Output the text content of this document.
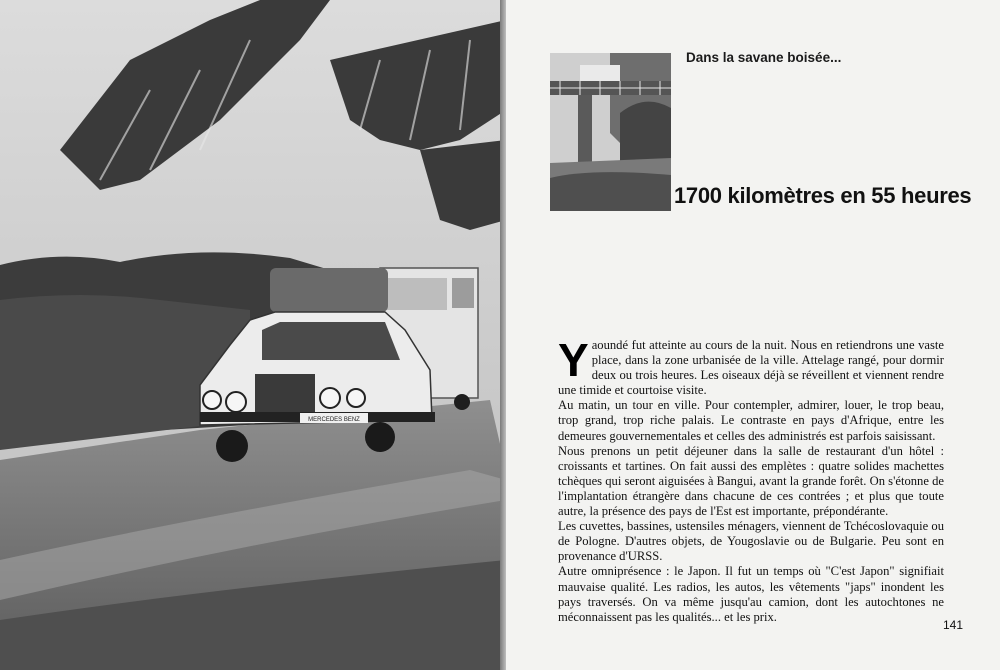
MERCEDES BENZ

Dans la savane boisée...

1700 kilomètres en 55 heures

Yaoundé fut atteinte au cours de la nuit. Nous en retiendrons une vaste place, dans la zone urbanisée de la ville. Attelage rangé, pour dormir deux ou trois heures. Les oiseaux déjà se réveillent et viennent rendre une timide et courtoise visite.

Au matin, un tour en ville. Pour contempler, admirer, louer, le trop beau, trop grand, trop riche palais. Le contraste en pays d'Afrique, entre les demeures gouvernementales et celles des administrés est parfois saisissant.

Nous prenons un petit déjeuner dans la salle de restaurant d'un hôtel : croissants et tartines. On fait aussi des emplètes : quatre solides machettes tchèques qui seront aiguisées à Bangui, avant la grande forêt. On s'étonne de l'implantation étrangère dans chacune de ces contrées ; et plus que toute autre, la présence des pays de l'Est est importante, prépondérante.

Les cuvettes, bassines, ustensiles ménagers, viennent de Tchécoslovaquie ou de Pologne. D'autres objets, de Yougoslavie ou de Bulgarie. Peu sont en provenance d'URSS.

Autre omniprésence : le Japon. Il fut un temps où "C'est Japon" signifiait mauvaise qualité. Les radios, les autos, les vêtements "japs" inondent les pays traversés. On va même jusqu'au camion, dont les autochtones ne méconnaissent pas les qualités... et les prix.

141
